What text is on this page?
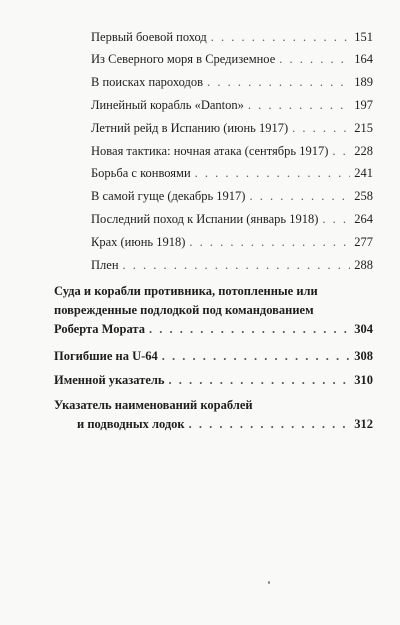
Первый боевой поход . . .	151
Из Северного моря в Средиземное . . .	164
В поисках пароходов . . .	189
Линейный корабль «Danton» . . .	197
Летний рейд в Испанию (июнь 1917) . . .	215
Новая тактика: ночная атака (сентябрь 1917) . . . 228
Борьба с конвоями . . .	241
В самой гуще (декабрь 1917) . . .	258
Последний поход к Испании (январь 1918) . . .	264
Крах (июнь 1918) . . .	277
Плен . . .	288
Суда и корабли противника, потопленные или
поврежденные подлодкой под командованием
Роберта Мората . . .	304
Погибшие на U-64 . . .	308
Именной указатель . . .	310
Указатель наименований кораблей
и подводных лодок . . .	312
